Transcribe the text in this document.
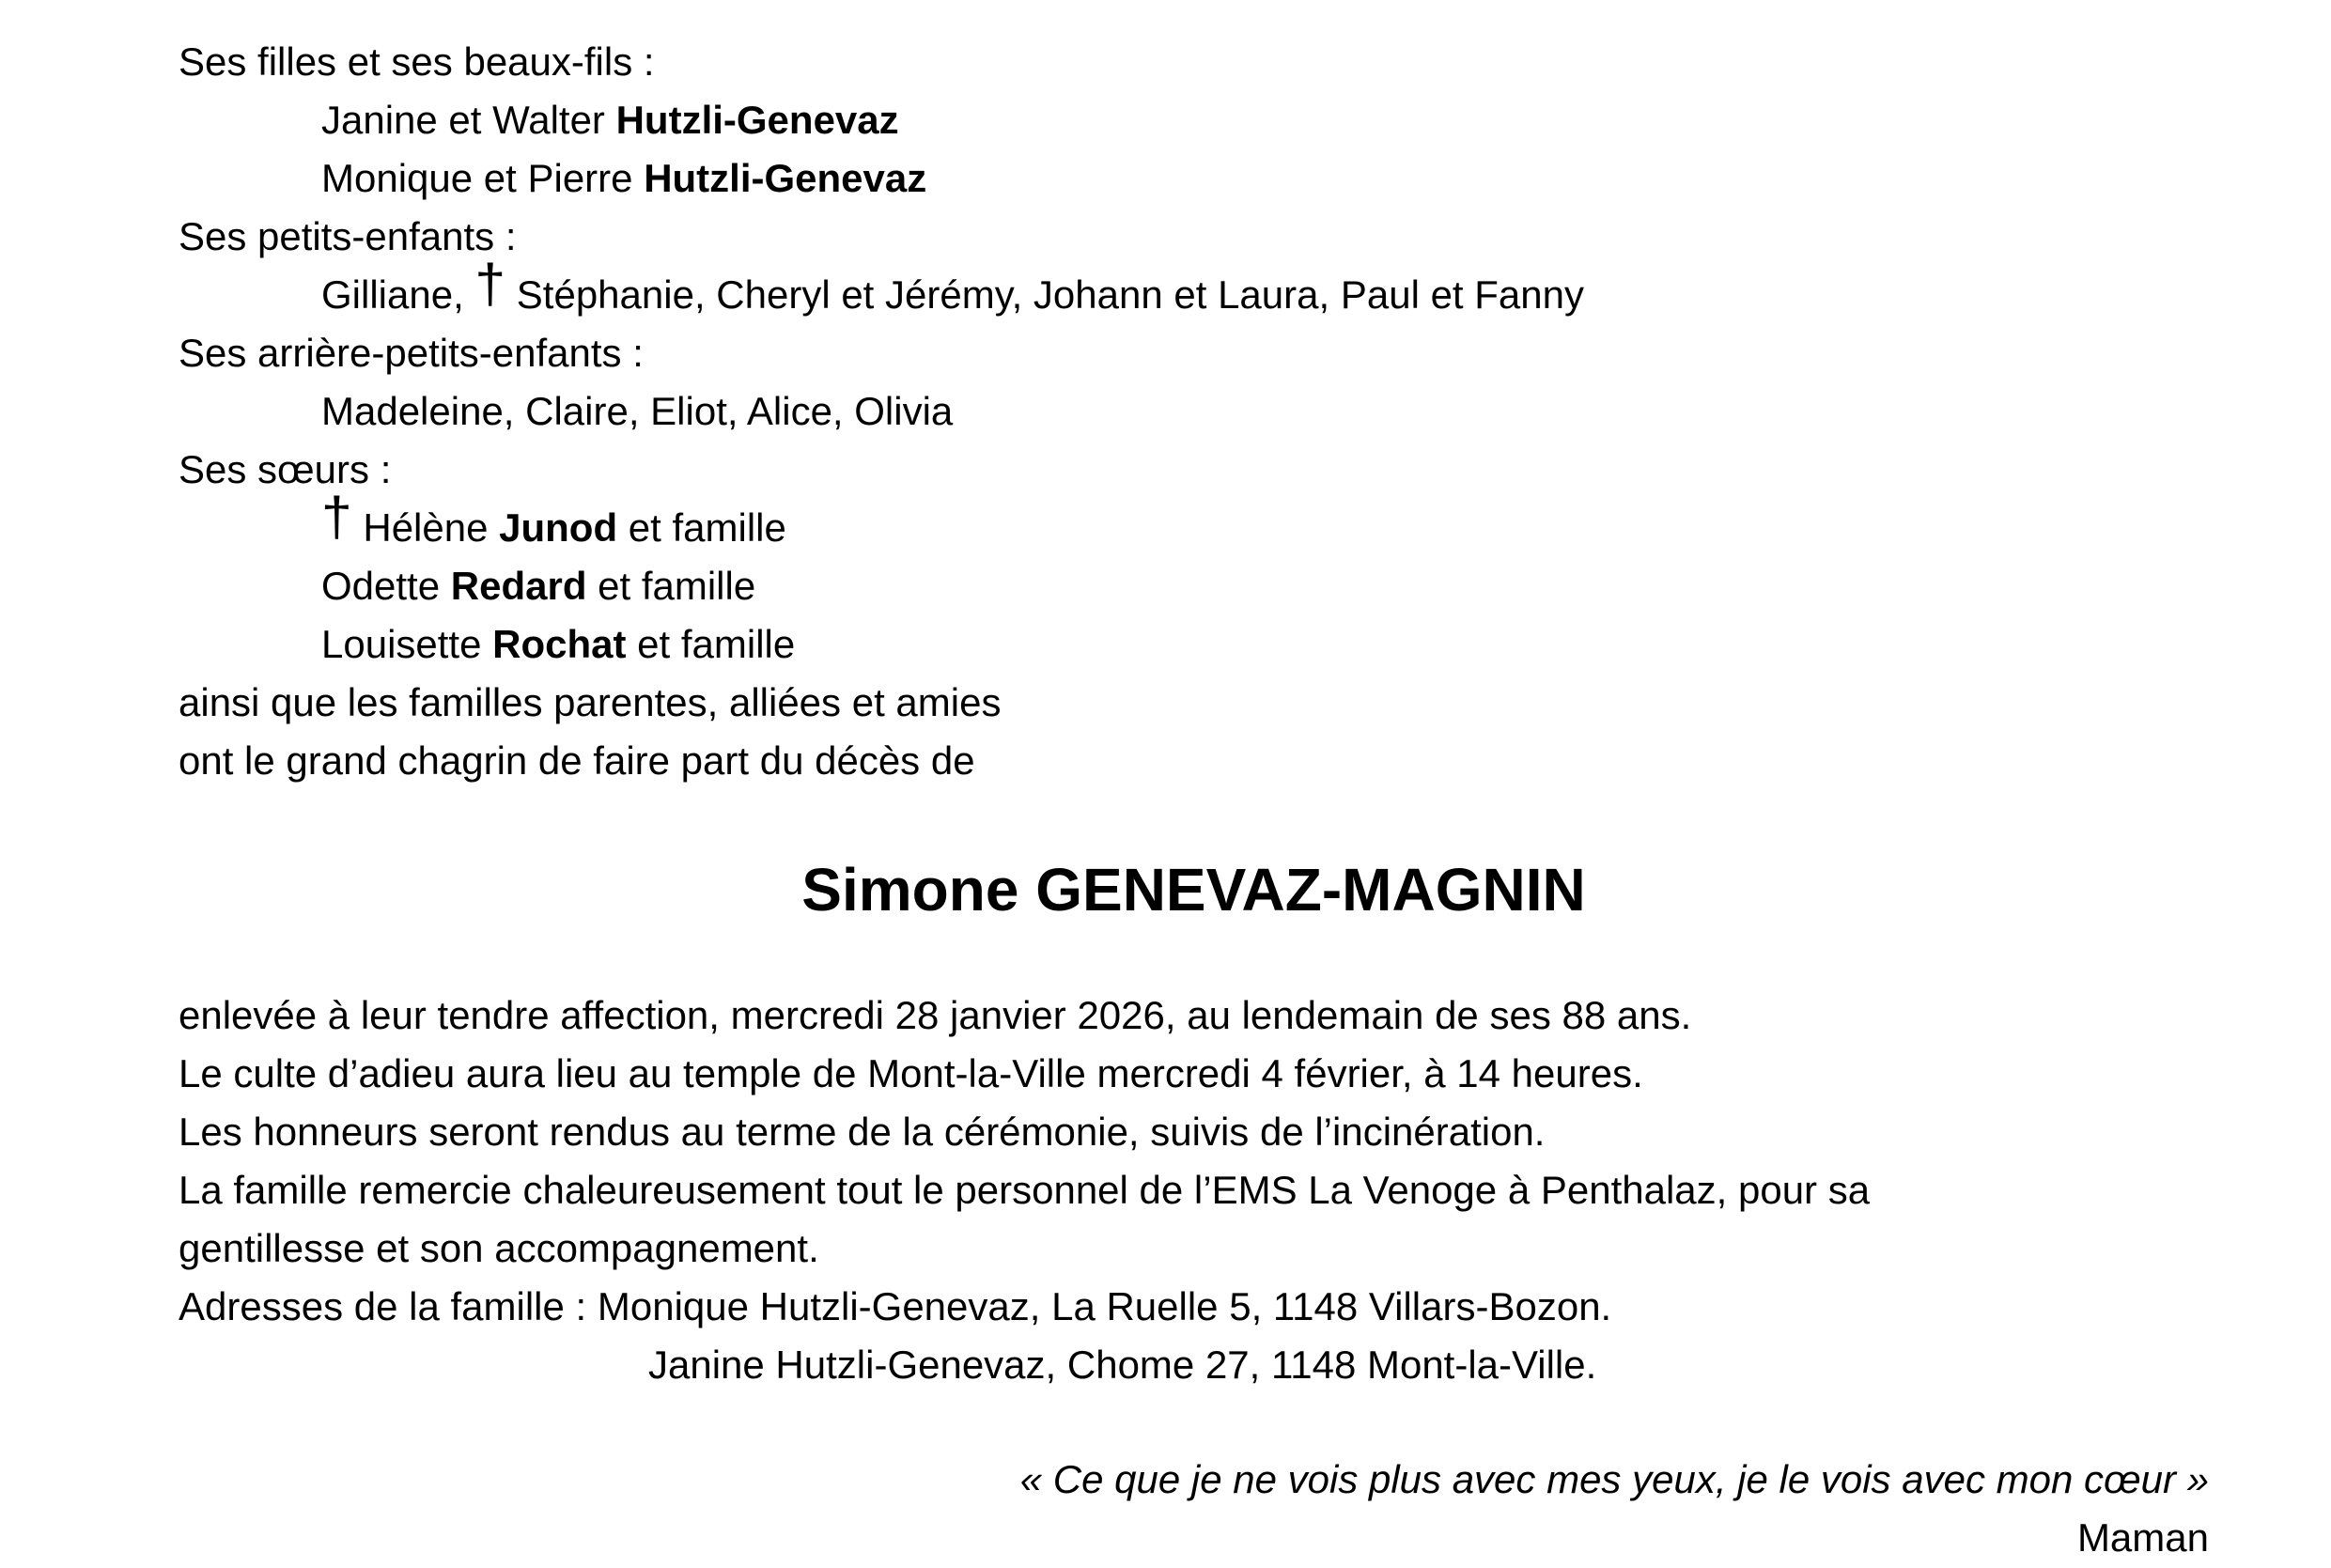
Ses filles et ses beaux-fils :

Janine et Walter Hutzli-Genevaz

Monique et Pierre Hutzli-Genevaz

Ses petits-enfants :

Gilliane, † Stéphanie, Cheryl et Jérémy, Johann et Laura, Paul et Fanny

Ses arrière-petits-enfants :

Madeleine, Claire, Eliot, Alice, Olivia

Ses sœurs :

† Hélène Junod et famille

Odette Redard et famille

Louisette Rochat et famille

ainsi que les familles parentes, alliées et amies

ont le grand chagrin de faire part du décès de

Simone GENEVAZ-MAGNIN

enlevée à leur tendre affection, mercredi 28 janvier 2026, au lendemain de ses 88 ans.

Le culte d’adieu aura lieu au temple de Mont-la-Ville mercredi 4 février, à 14 heures.

Les honneurs seront rendus au terme de la cérémonie, suivis de l’incinération.

La famille remercie chaleureusement tout le personnel de l’EMS La Venoge à Penthalaz, pour sa

gentillesse et son accompagnement.

Adresses de la famille : Monique Hutzli-Genevaz, La Ruelle 5, 1148 Villars-Bozon.

Janine Hutzli-Genevaz, Chome 27, 1148 Mont-la-Ville.

« Ce que je ne vois plus avec mes yeux, je le vois avec mon cœur »

Maman
